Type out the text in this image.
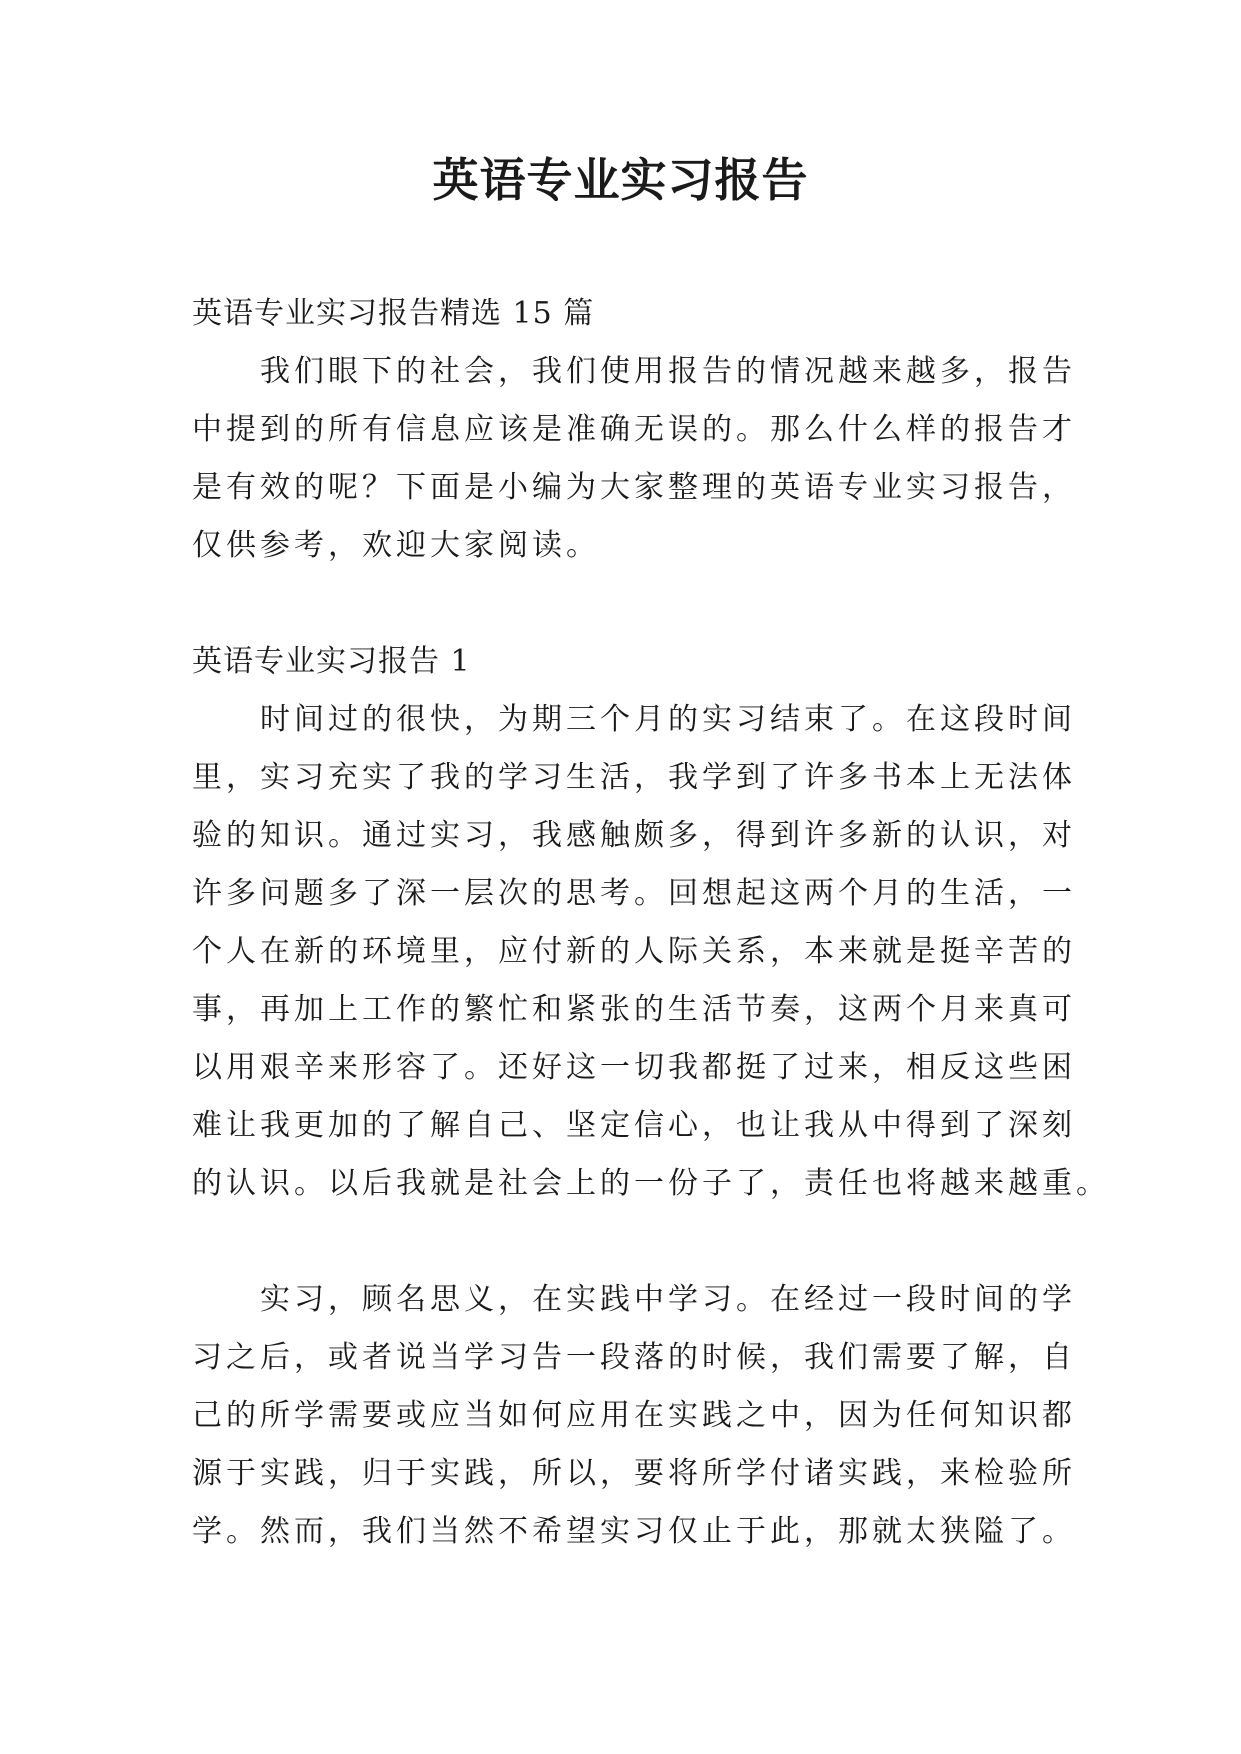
英语专业实习报告
英语专业实习报告精选 15 篇
　　我们眼下的社会，我们使用报告的情况越来越多，报告
中提到的所有信息应该是准确无误的。那么什么样的报告才
是有效的呢？下面是小编为大家整理的英语专业实习报告，
仅供参考，欢迎大家阅读。
英语专业实习报告 1
　　时间过的很快，为期三个月的实习结束了。在这段时间
里，实习充实了我的学习生活，我学到了许多书本上无法体
验的知识。通过实习，我感触颇多，得到许多新的认识，对
许多问题多了深一层次的思考。回想起这两个月的生活，一
个人在新的环境里，应付新的人际关系，本来就是挺辛苦的
事，再加上工作的繁忙和紧张的生活节奏，这两个月来真可
以用艰辛来形容了。还好这一切我都挺了过来，相反这些困
难让我更加的了解自己、坚定信心，也让我从中得到了深刻
的认识。以后我就是社会上的一份子了，责任也将越来越重。
　　实习，顾名思义，在实践中学习。在经过一段时间的学
习之后，或者说当学习告一段落的时候，我们需要了解，自
己的所学需要或应当如何应用在实践之中，因为任何知识都
源于实践，归于实践，所以，要将所学付诸实践，来检验所
学。然而，我们当然不希望实习仅止于此，那就太狭隘了。
